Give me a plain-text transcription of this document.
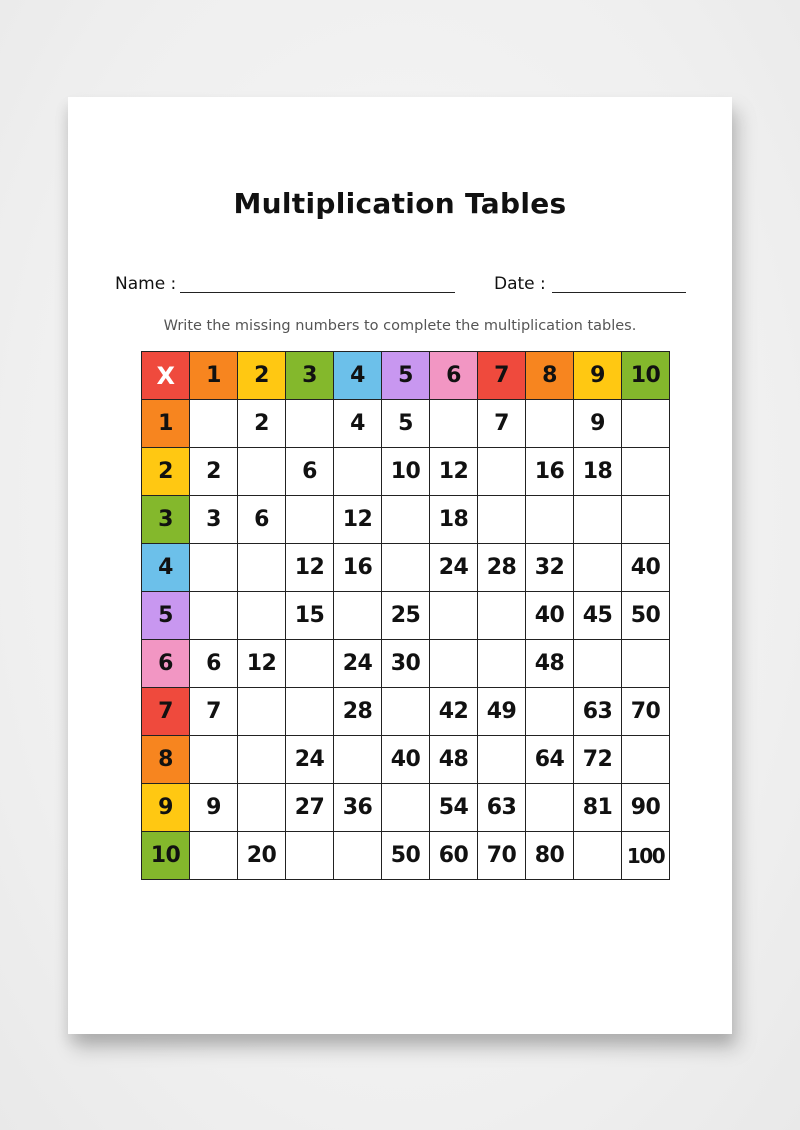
Multiplication Tables
Name :	Date :
Write the missing numbers to complete the multiplication tables.
X	1	2	3	4	5	6	7	8	9	10
1		2		4	5		7		9	
2	2		6		10	12		16	18	
3	3	6		12		18				
4			12	16		24	28	32		40
5			15		25			40	45	50
6	6	12		24	30			48		
7	7			28		42	49		63	70
8			24		40	48		64	72	
9	9		27	36		54	63		81	90
10		20			50	60	70	80		100
